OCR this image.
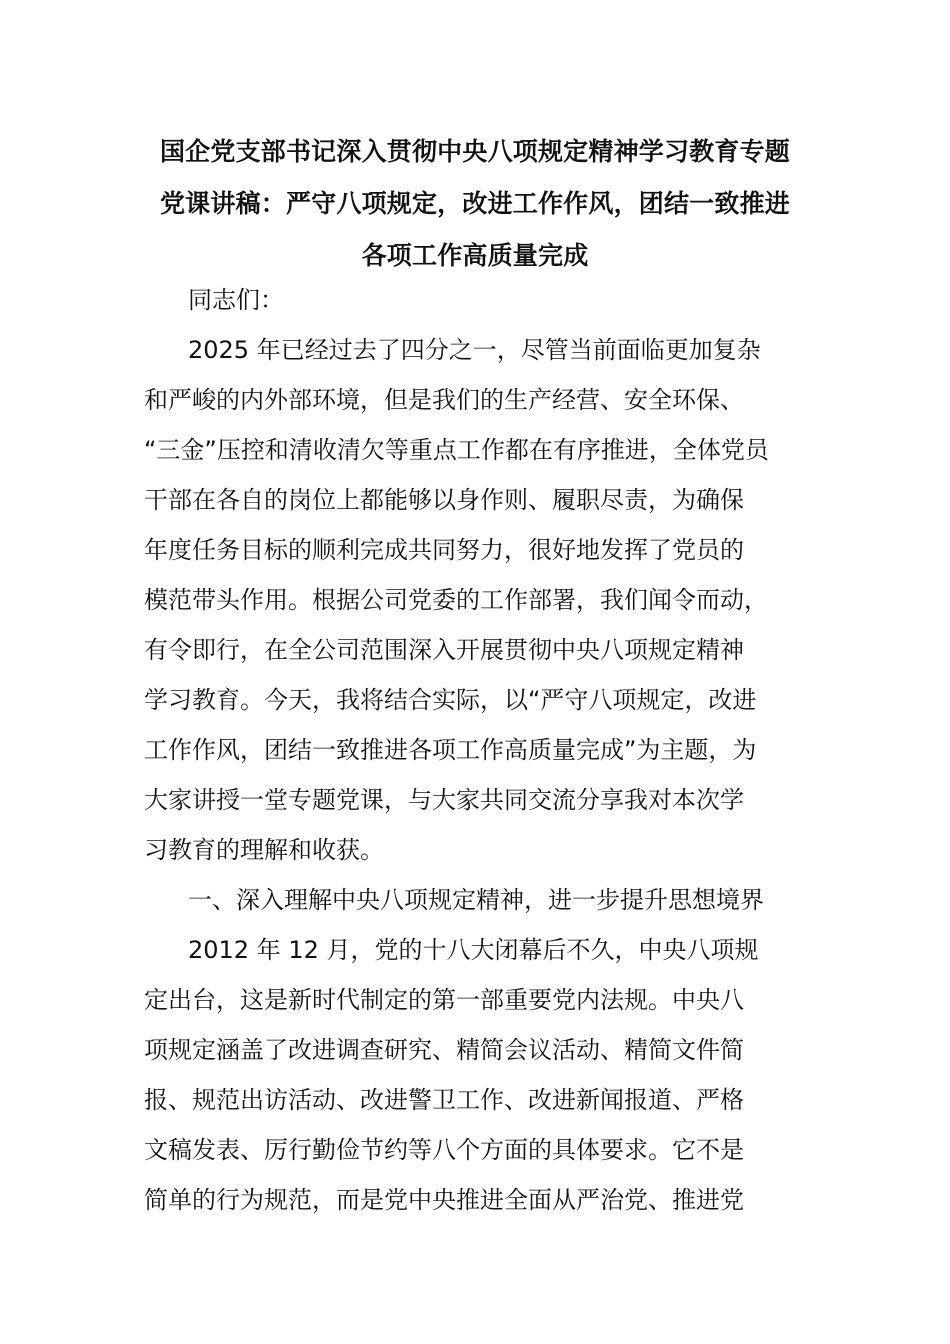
国企党支部书记深入贯彻中央八项规定精神学习教育专题
党课讲稿：严守八项规定，改进工作作风，团结一致推进
各项工作高质量完成
同志们：
2025 年已经过去了四分之一，尽管当前面临更加复杂
和严峻的内外部环境，但是我们的生产经营、安全环保、
“三金”压控和清收清欠等重点工作都在有序推进，全体党员
干部在各自的岗位上都能够以身作则、履职尽责，为确保
年度任务目标的顺利完成共同努力，很好地发挥了党员的
模范带头作用。根据公司党委的工作部署，我们闻令而动，
有令即行，在全公司范围深入开展贯彻中央八项规定精神
学习教育。今天，我将结合实际，以“严守八项规定，改进
工作作风，团结一致推进各项工作高质量完成”为主题，为
大家讲授一堂专题党课，与大家共同交流分享我对本次学
习教育的理解和收获。
一、深入理解中央八项规定精神，进一步提升思想境界
2012 年 12 月，党的十八大闭幕后不久，中央八项规
定出台，这是新时代制定的第一部重要党内法规。中央八
项规定涵盖了改进调查研究、精简会议活动、精简文件简
报、规范出访活动、改进警卫工作、改进新闻报道、严格
文稿发表、厉行勤俭节约等八个方面的具体要求。它不是
简单的行为规范，而是党中央推进全面从严治党、推进党
